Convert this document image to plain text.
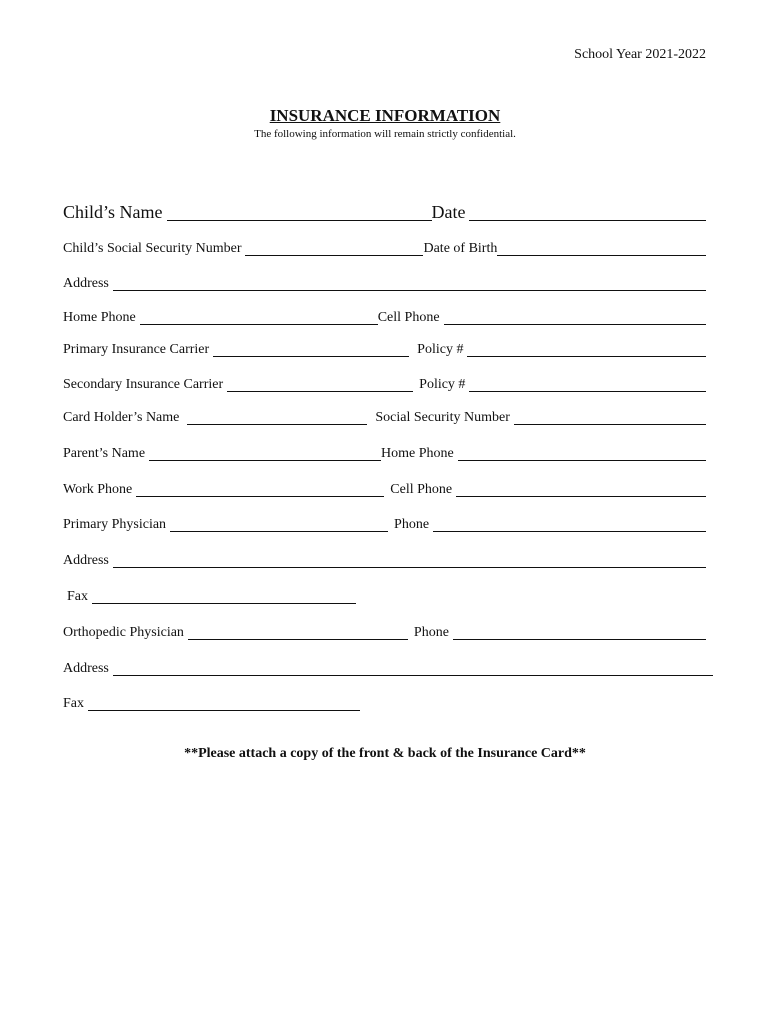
School Year 2021-2022
INSURANCE INFORMATION
The following information will remain strictly confidential.
Child’s Name	Date
Child’s Social Security Number	Date of Birth
Address
Home Phone	Cell Phone
Primary Insurance Carrier	Policy #
Secondary Insurance Carrier	Policy #
Card Holder’s Name	Social Security Number
Parent’s Name	Home Phone
Work Phone	Cell Phone
Primary Physician	Phone
Address
Fax
Orthopedic Physician	Phone
Address
Fax
**Please attach a copy of the front & back of the Insurance Card**
